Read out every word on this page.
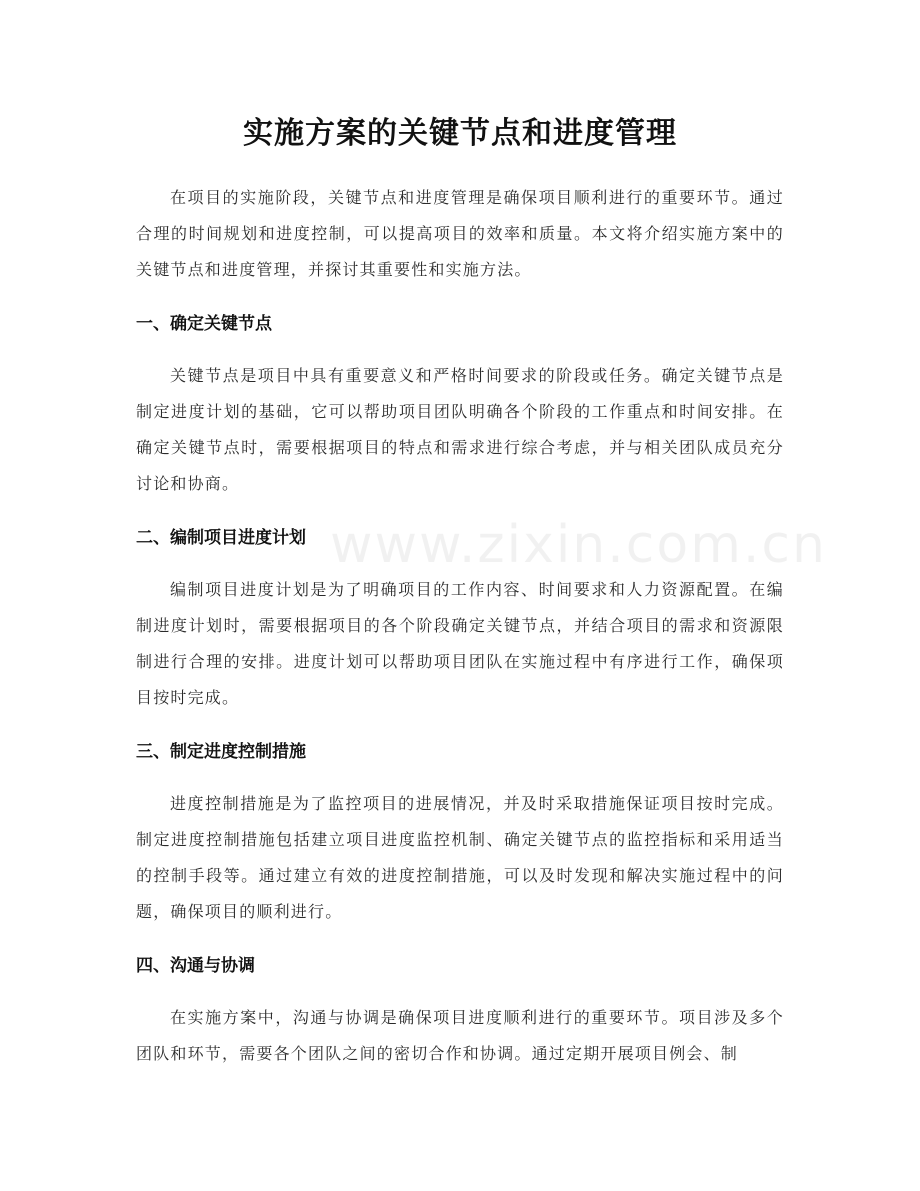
实施方案的关键节点和进度管理

在项目的实施阶段，关键节点和进度管理是确保项目顺利进行的重要环节。通过合理的时间规划和进度控制，可以提高项目的效率和质量。本文将介绍实施方案中的关键节点和进度管理，并探讨其重要性和实施方法。

一、确定关键节点

关键节点是项目中具有重要意义和严格时间要求的阶段或任务。确定关键节点是制定进度计划的基础，它可以帮助项目团队明确各个阶段的工作重点和时间安排。在确定关键节点时，需要根据项目的特点和需求进行综合考虑，并与相关团队成员充分讨论和协商。

二、编制项目进度计划

编制项目进度计划是为了明确项目的工作内容、时间要求和人力资源配置。在编制进度计划时，需要根据项目的各个阶段确定关键节点，并结合项目的需求和资源限制进行合理的安排。进度计划可以帮助项目团队在实施过程中有序进行工作，确保项目按时完成。

三、制定进度控制措施

进度控制措施是为了监控项目的进展情况，并及时采取措施保证项目按时完成。制定进度控制措施包括建立项目进度监控机制、确定关键节点的监控指标和采用适当的控制手段等。通过建立有效的进度控制措施，可以及时发现和解决实施过程中的问题，确保项目的顺利进行。

四、沟通与协调

在实施方案中，沟通与协调是确保项目进度顺利进行的重要环节。项目涉及多个团队和环节，需要各个团队之间的密切合作和协调。通过定期开展项目例会、制

www.zixin.com.cn
